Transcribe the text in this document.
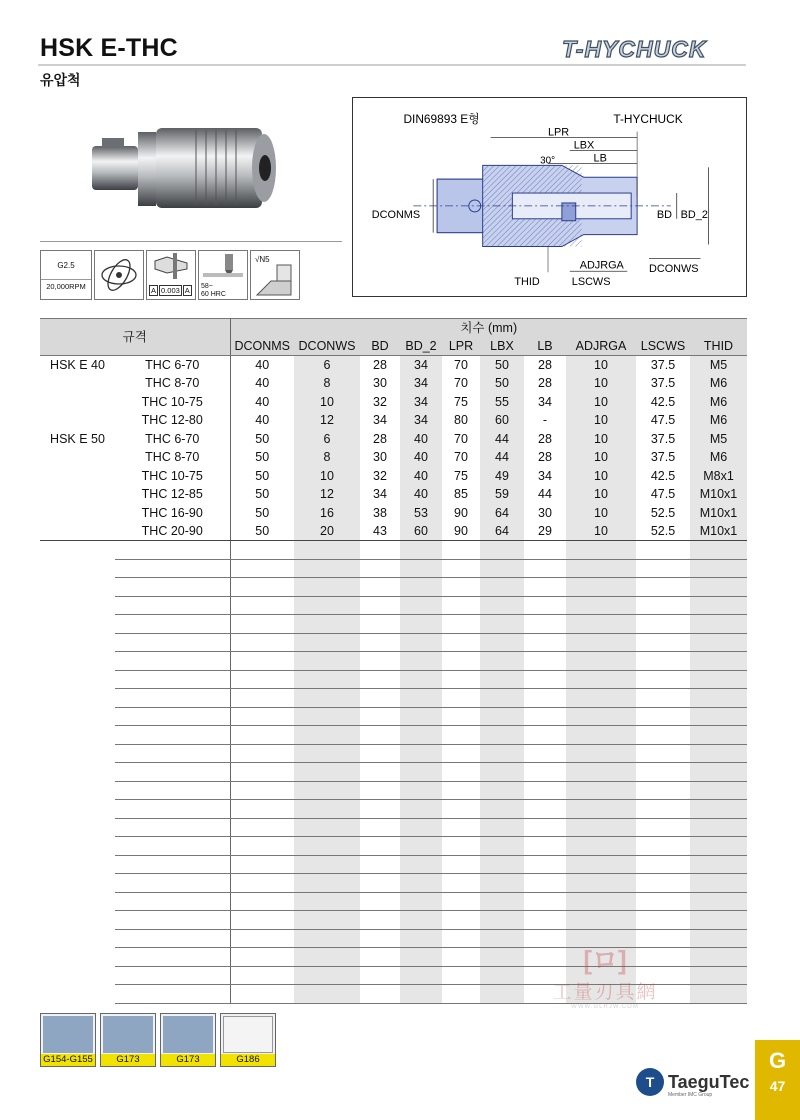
HSK E-THC
유압척
T-HYCHUCK
G2.5
20,000RPM	A 0.003 A 58~
60 HRC
√N5
DIN69893 E형	T-HYCHUCK
LPR
LBX
LB
30°
DCONMS	BD BD_2
ADJRGA DCONWS
THID	LSCWS
규격		치수 (mm)									
		DCONMS	DCONWS	BD	BD_2	LPR	LBX	LB	ADJRGA	LSCWS	THID
HSK E 40	THC 6-70	40	6	28	34	70	50	28	10	37.5	M5
	THC 8-70	40	8	30	34	70	50	28	10	37.5	M6
	THC 10-75	40	10	32	34	75	55	34	10	42.5	M6
	THC 12-80	40	12	34	34	80	60	-	10	47.5	M6
HSK E 50	THC 6-70	50	6	28	40	70	44	28	10	37.5	M5
	THC 8-70	50	8	30	40	70	44	28	10	37.5	M6
	THC 10-75	50	10	32	40	75	49	34	10	42.5	M8x1
	THC 12-85	50	12	34	40	85	59	44	10	47.5	M10x1
	THC 16-90	50	16	38	53	90	64	30	10	52.5	M10x1
	THC 20-90	50	20	43	60	90	64	29	10	52.5	M10x1

G154-G155	G173	G173	G186
[ロ]
工量刃具網
WWW.GLRJW.COM
T TaeguTec
Member IMC Group
G
47
